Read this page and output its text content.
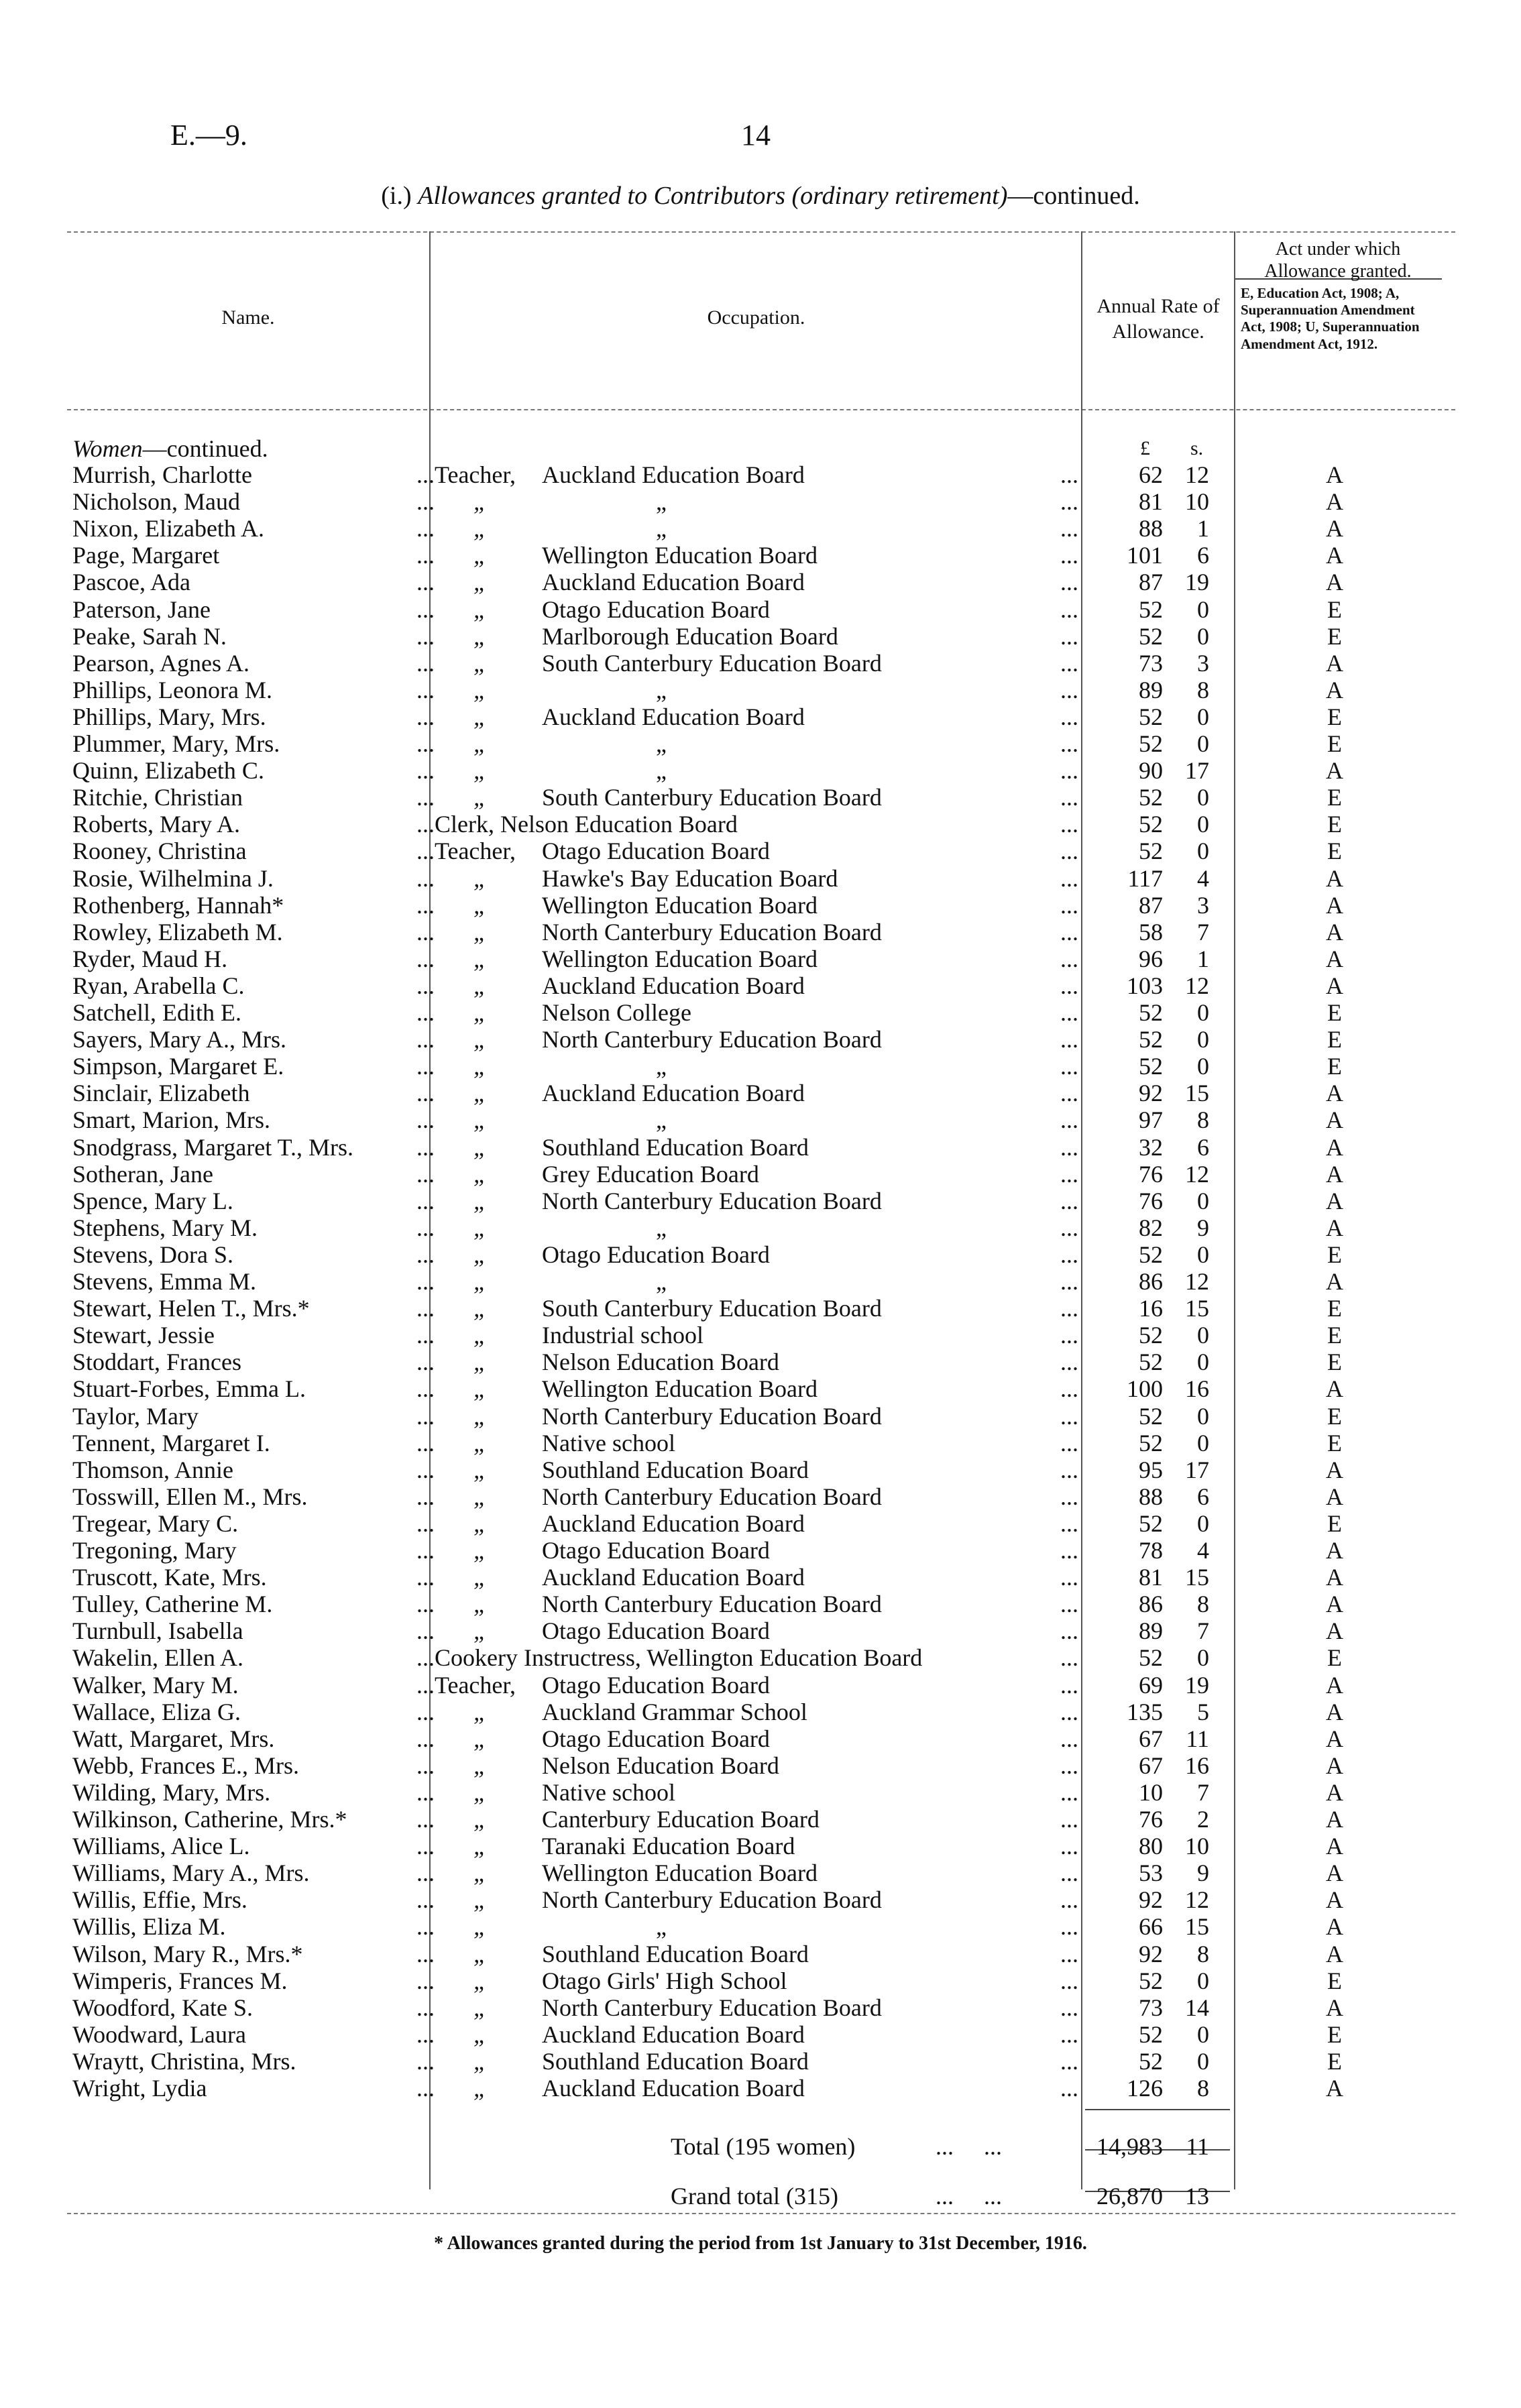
E.—9.	14
(i.) Allowances granted to Contributors (ordinary retirement)—continued.
Name.	Occupation.
Annual Rate of Allowance.
Act under which Allowance granted.
E, Education Act, 1908; A, Superannuation Amendment Act, 1908; U, Superannuation Amendment Act, 1912.
Women—continued.	£ s.
Murrish, Charlotte	... Teacher, Auckland Education Board	...	62 12	A
Nicholson, Maud	... „	„	...	81 10	A
Nixon, Elizabeth A.	... „	„	...	88	1	A
Page, Margaret	... „ Wellington Education Board	...	101	6	A
Pascoe, Ada	... „ Auckland Education Board	...	87 19	A
Paterson, Jane	... „ Otago Education Board	...	52	0	E
Peake, Sarah N.	... „ Marlborough Education Board	...	52	0	E
Pearson, Agnes A.	... „ South Canterbury Education Board	...	73	3	A
Phillips, Leonora M.	... „	„	...	89	8	A
Phillips, Mary, Mrs.	... „ Auckland Education Board	...	52	0	E
Plummer, Mary, Mrs.	... „	„	...	52	0	E
Quinn, Elizabeth C.	... „	„	...	90 17	A
Ritchie, Christian	... „ South Canterbury Education Board	...	52	0	E
Roberts, Mary A.	... Clerk, Nelson Education Board	...	52	0	E
Rooney, Christina	... Teacher, Otago Education Board	...	52	0	E
Rosie, Wilhelmina J.	... „ Hawke's Bay Education Board	...	117	4	A
Rothenberg, Hannah*	... „ Wellington Education Board	...	87	3	A
Rowley, Elizabeth M.	... „ North Canterbury Education Board	...	58	7	A
Ryder, Maud H.	... „ Wellington Education Board	...	96	1	A
Ryan, Arabella C.	... „ Auckland Education Board	...	103 12	A
Satchell, Edith E.	... „ Nelson College	...	52	0	E
Sayers, Mary A., Mrs.	... „ North Canterbury Education Board	...	52	0	E
Simpson, Margaret E.	... „	„	...	52	0	E
Sinclair, Elizabeth	... „ Auckland Education Board	...	92 15	A
Smart, Marion, Mrs.	... „	„	...	97	8	A
Snodgrass, Margaret T., Mrs.	... „ Southland Education Board	...	32	6	A
Sotheran, Jane	... „ Grey Education Board	...	76 12	A
Spence, Mary L.	... „ North Canterbury Education Board	...	76	0	A
Stephens, Mary M.	... „	„	...	82	9	A
Stevens, Dora S.	... „ Otago Education Board	...	52	0	E
Stevens, Emma M.	... „	„	...	86 12	A
Stewart, Helen T., Mrs.*	... „ South Canterbury Education Board	...	16 15	E
Stewart, Jessie	... „ Industrial school	...	52	0	E
Stoddart, Frances	... „ Nelson Education Board	...	52	0	E
Stuart-Forbes, Emma L.	... „ Wellington Education Board	...	100 16	A
Taylor, Mary	... „ North Canterbury Education Board	...	52	0	E
Tennent, Margaret I.	... „ Native school	...	52	0	E
Thomson, Annie	... „ Southland Education Board	...	95 17	A
Tosswill, Ellen M., Mrs.	... „ North Canterbury Education Board	...	88	6	A
Tregear, Mary C.	... „ Auckland Education Board	...	52	0	E
Tregoning, Mary	... „ Otago Education Board	...	78	4	A
Truscott, Kate, Mrs.	... „ Auckland Education Board	...	81 15	A
Tulley, Catherine M.	... „ North Canterbury Education Board	...	86	8	A
Turnbull, Isabella	... „ Otago Education Board	...	89	7	A
Wakelin, Ellen A.	... Cookery Instructress, Wellington Education Board	...	52	0	E
Walker, Mary M.	... Teacher, Otago Education Board	...	69 19	A
Wallace, Eliza G.	... „ Auckland Grammar School	...	135	5	A
Watt, Margaret, Mrs.	... „ Otago Education Board	...	67 11	A
Webb, Frances E., Mrs.	... „ Nelson Education Board	...	67 16	A
Wilding, Mary, Mrs.	... „ Native school	...	10	7	A
Wilkinson, Catherine, Mrs.*	... „ Canterbury Education Board	...	76	2	A
Williams, Alice L.	... „ Taranaki Education Board	...	80 10	A
Williams, Mary A., Mrs.	... „ Wellington Education Board	...	53	9	A
Willis, Effie, Mrs.	... „ North Canterbury Education Board	...	92 12	A
Willis, Eliza M.	... „	„	...	66 15	A
Wilson, Mary R., Mrs.*	... „ Southland Education Board	...	92	8	A
Wimperis, Frances M.	... „ Otago Girls' High School	...	52	0	E
Woodford, Kate S.	... „ North Canterbury Education Board	...	73 14	A
Woodward, Laura	... „ Auckland Education Board	...	52	0	E
Wraytt, Christina, Mrs.	... „ Southland Education Board	...	52	0	E
Wright, Lydia	... „ Auckland Education Board	...	126	8	A
Total (195 women)	...     ...	14,983 11
Grand total (315)	...     ...	26,870 13
* Allowances granted during the period from 1st January to 31st December, 1916.
